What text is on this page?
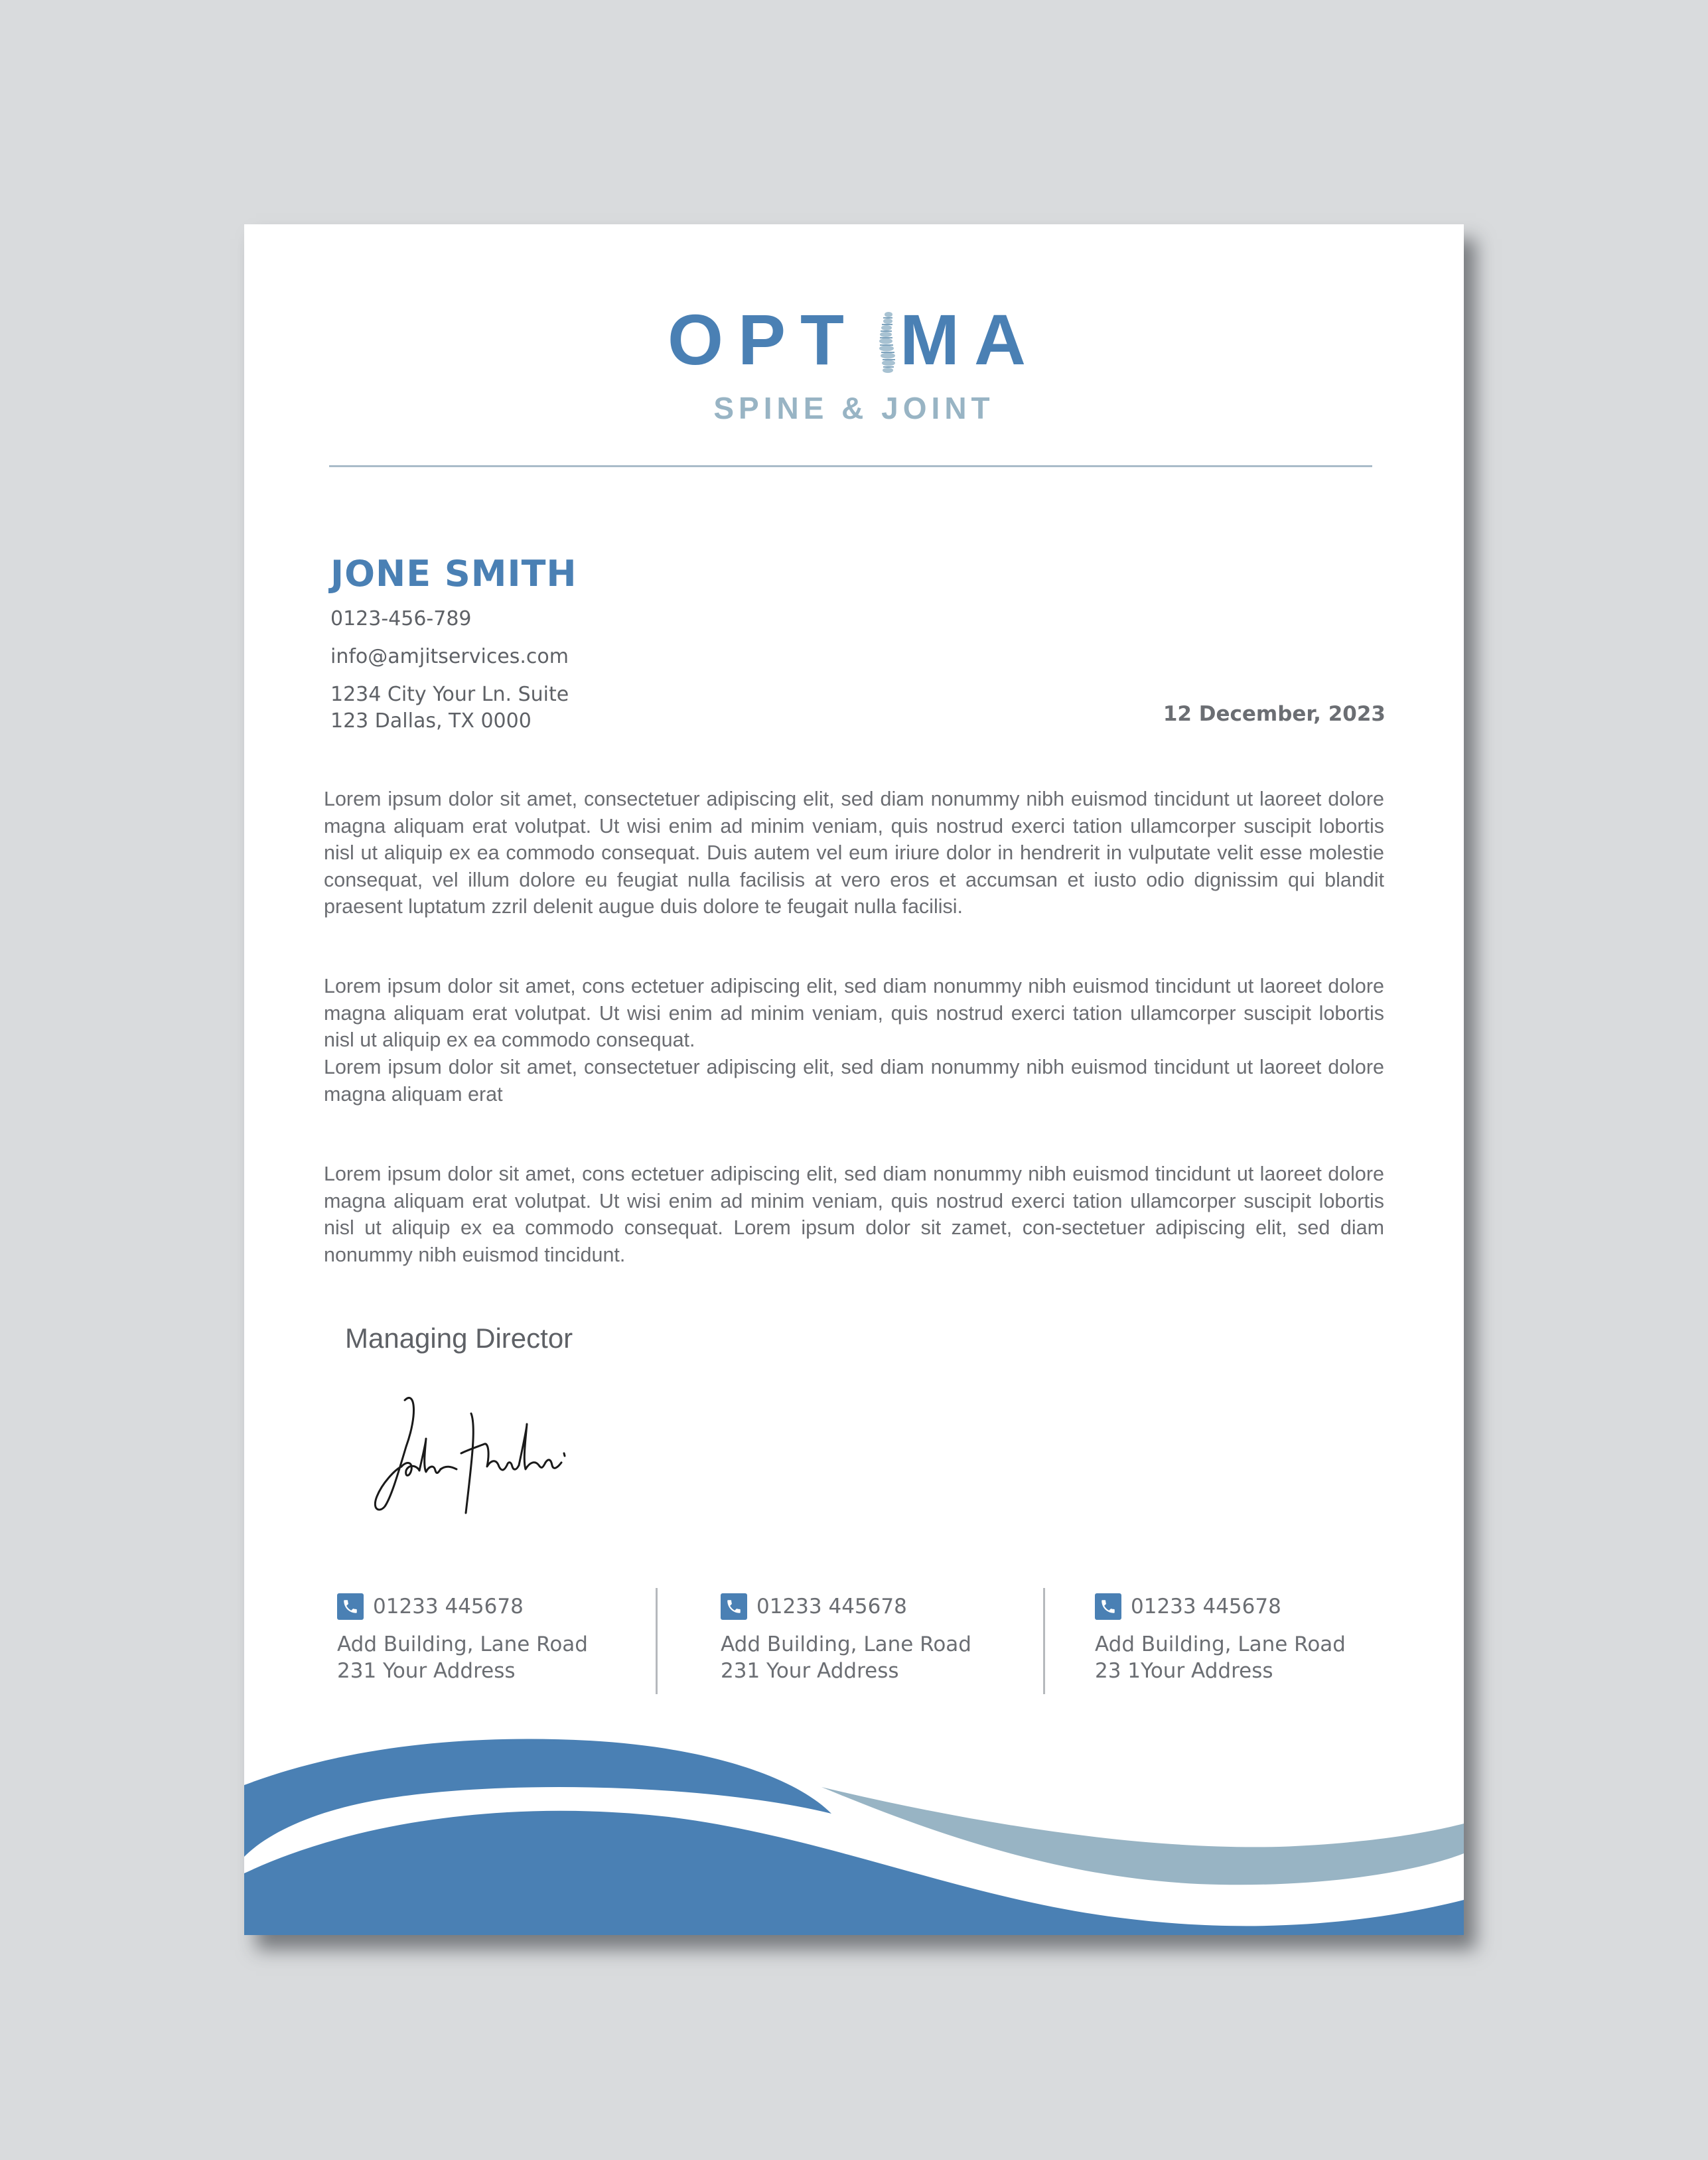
OPT MA
SPINE & JOINT
JONE SMITH
0123-456-789
info@amjitservices.com
1234 City Your Ln. Suite
123 Dallas, TX 0000	12 December, 2023
Lorem ipsum dolor sit amet, consectetuer adipiscing elit, sed diam nonummy nibh euismod tincidunt ut laoreet dolore magna aliquam erat volutpat. Ut wisi enim ad minim veniam, quis nostrud exerci tation ullamcorper suscipit lobortis nisl ut aliquip ex ea commodo consequat. Duis autem vel eum iriure dolor in hendrerit in vulputate velit esse molestie consequat, vel illum dolore eu feugiat nulla facilisis at vero eros et accumsan et iusto odio dignissim qui blandit praesent luptatum zzril delenit augue duis dolore te feugait nulla facilisi.
Lorem ipsum dolor sit amet, cons ectetuer adipiscing elit, sed diam nonummy nibh euismod tincidunt ut laoreet dolore magna aliquam erat volutpat. Ut wisi enim ad minim veniam, quis nostrud exerci tation ullamcorper suscipit lobortis nisl ut aliquip ex ea commodo consequat.
Lorem ipsum dolor sit amet, consectetuer adipiscing elit, sed diam nonummy nibh euismod tincidunt ut laoreet dolore magna aliquam erat
Lorem ipsum dolor sit amet, cons ectetuer adipiscing elit, sed diam nonummy nibh euismod tincidunt ut laoreet dolore magna aliquam erat volutpat. Ut wisi enim ad minim veniam, quis nostrud exerci tation ullamcorper suscipit lobortis nisl ut aliquip ex ea commodo consequat. Lorem ipsum dolor sit zamet, con-sectetuer adipiscing elit, sed diam nonummy nibh euismod tincidunt.
Managing Director
01233 445678
Add Building, Lane Road
231 Your Address
01233 445678
Add Building, Lane Road
231 Your Address
01233 445678
Add Building, Lane Road
23 1Your Address
